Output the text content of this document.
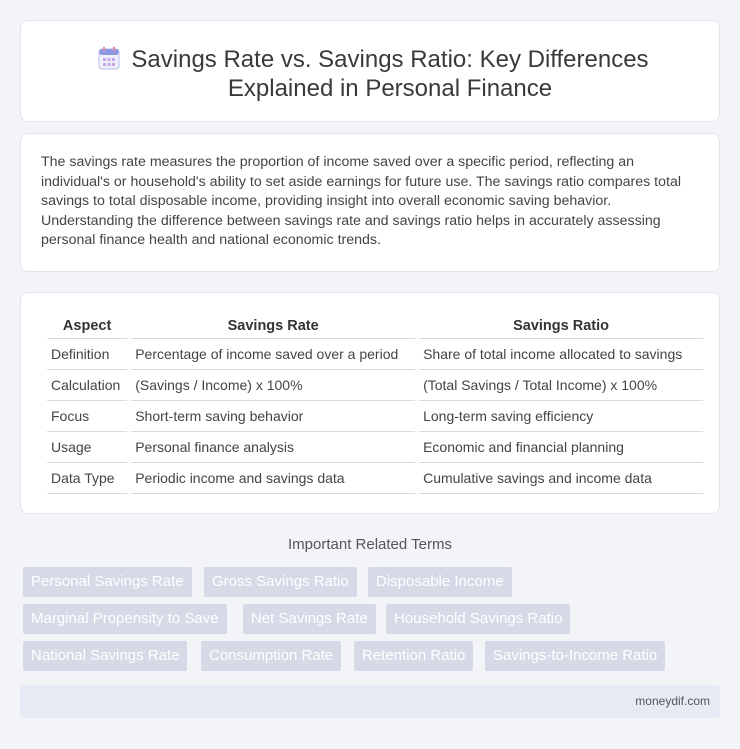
Savings Rate vs. Savings Ratio: Key Differences Explained in Personal Finance

The savings rate measures the proportion of income saved over a specific period, reflecting an individual's or household's ability to set aside earnings for future use. The savings ratio compares total savings to total disposable income, providing insight into overall economic saving behavior. Understanding the difference between savings rate and savings ratio helps in accurately assessing personal finance health and national economic trends.

Aspect	Savings Rate	Savings Ratio
Definition	Percentage of income saved over a period	Share of total income allocated to savings
Calculation	(Savings / Income) x 100%	(Total Savings / Total Income) x 100%
Focus	Short-term saving behavior	Long-term saving efficiency
Usage	Personal finance analysis	Economic and financial planning
Data Type	Periodic income and savings data	Cumulative savings and income data
Important Related Terms
Personal Savings Rate	Gross Savings Ratio	Disposable Income
Marginal Propensity to Save	Net Savings Rate	Household Savings Ratio
National Savings Rate	Consumption Rate	Retention Ratio	Savings-to-Income Ratio
moneydif.com
